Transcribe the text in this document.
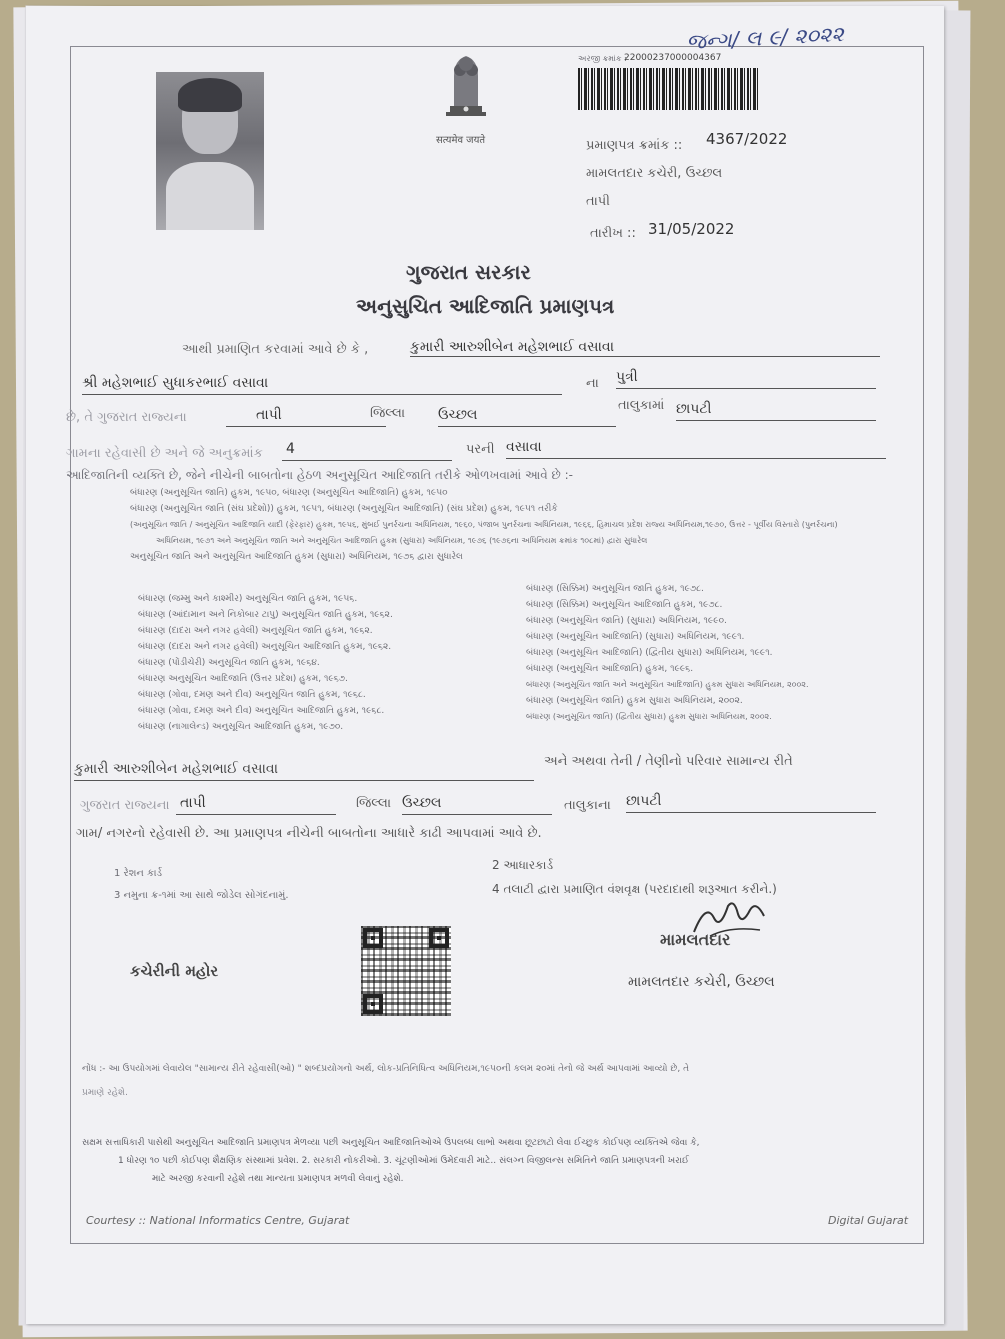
જન્ગ/ લ ૯/ ૨૦૨૨
सत्यमेव जयते
અરજી ક્રમાંક :
22000237000004367
પ્રમાણપત્ર ક્રમાંક :: 4367/2022
મામલતદાર કચેરી, ઉચ્છલ
તાપી
તારીખ :: 31/05/2022
ગુજરાત સરકાર
અનુસુચિત આદિજાતિ પ્રમાણપત્ર
આથી પ્રમાણિત કરવામાં આવે છે કે ,	કુમારી આરુશીબેન મહેશભાઈ વસાવા
શ્રી મહેશભાઈ સુધાકરભાઈ વસાવા	ના પુત્રી
છે, તે ગુજરાત રાજ્યના	તાપી	જિલ્લા ઉચ્છલ
તાલુકામાં છાપટી
ગામના રહેવાસી છે અને જે અનુક્રમાંક 4	પરની વસાવા
આદિજાતિની વ્યક્તિ છે, જેને નીચેની બાબતોના હેઠળ અનુસૂચિત આદિજાતિ તરીકે ઓળખવામાં આવે છે :-
બંધારણ (અનુસૂચિત જાતિ) હુકમ, ૧૯૫૦, બંધારણ (અનુસૂચિત આદિજાતિ) હુકમ, ૧૯૫૦
બંધારણ (અનુસૂચિત જાતિ (સંઘ પ્રદેશો)) હુકમ, ૧૯૫૧, બંધારણ (અનુસૂચિત આદિજાતિ) (સંઘ પ્રદેશ) હુકમ, ૧૯૫૧ તરીકે
(અનુસૂચિત જાતિ / અનુસૂચિત આદિજાતિ યાદી (ફેરફાર) હુકમ, ૧૯૫૬, મુંબઈ પુનર્રચના અધિનિયમ, ૧૯૬૦, પંજાબ પુનર્રચના અધિનિયમ, ૧૯૬૬, હિમાચલ પ્રદેશ રાજ્ય અધિનિયમ,૧૯૭૦, ઉત્તર - પૂર્વીય વિસ્તારો (પુનર્રચના)
અધિનિયમ, ૧૯૭૧ અને અનુસૂચિત જાતિ અને અનુસૂચિત આદિજાતિ હુકમ (સુધારા) અધિનિયમ, ૧૯૭૬ (૧૯૭૬ના અધિનિયમ ક્રમાંક ૧૦૮માં) દ્વારા સુધારેલ
અનુસૂચિત જાતિ અને અનુસૂચિત આદિજાતિ હુકમ (સુધારા) અધિનિયમ, ૧૯૭૬ દ્વારા સુધારેલ
બંધારણ (જમ્મુ અને કાશ્મીર) અનુસૂચિત જાતિ હુકમ, ૧૯૫૬.
બંધારણ (આંદામાન અને નિકોબાર ટાપુ) અનુસૂચિત જાતિ હુકમ, ૧૯૬૨.
બંધારણ (દાદરા અને નગર હવેલી) અનુસૂચિત જાતિ હુકમ, ૧૯૬૨.
બંધારણ (દાદરા અને નગર હવેલી) અનુસૂચિત આદિજાતિ હુકમ, ૧૯૬૨.
બંધારણ (પોંડીચેરી) અનુસૂચિત જાતિ હુકમ, ૧૯૬૪.
બંધારણ અનુસૂચિત આદિજાતિ (ઉત્તર પ્રદેશ) હુકમ, ૧૯૬૭.
બંધારણ (ગોવા, દમણ અને દીવ) અનુસૂચિત જાતિ હુકમ, ૧૯૬૮.
બંધારણ (ગોવા, દમણ અને દીવ) અનુસૂચિત આદિજાતિ હુકમ, ૧૯૬૮.
બંધારણ (નાગાલેન્ડ) અનુસૂચિત આદિજાતિ હુકમ, ૧૯૭૦.
બંધારણ (સિક્કિમ) અનુસૂચિત જાતિ હુકમ, ૧૯૭૮.
બંધારણ (સિક્કિમ) અનુસૂચિત આદિજાતિ હુકમ, ૧૯૭૮.
બંધારણ (અનુસૂચિત જાતિ) (સુધારા) અધિનિયમ, ૧૯૯૦.
બંધારણ (અનુસૂચિત આદિજાતિ) (સુધારા) અધિનિયમ, ૧૯૯૧.
બંધારણ (અનુસૂચિત આદિજાતિ) (દ્વિતીય સુધારા) અધિનિયમ, ૧૯૯૧.
બંધારણ (અનુસૂચિત આદિજાતિ) હુકમ, ૧૯૯૬.
બંધારણ (અનુસૂચિત જાતિ અને અનુસૂચિત આદિજાતિ) હુકમ સુધારા અધિનિયમ, ૨૦૦૨.
બંધારણ (અનુસૂચિત જાતિ) હુકમ સુધારા અધિનિયમ, ૨૦૦૨.
બંધારણ (અનુસૂચિત જાતિ) (દ્વિતીય સુધારા) હુકમ સુધારા અધિનિયમ, ૨૦૦૨.
કુમારી આરુશીબેન મહેશભાઈ વસાવા	અને અથવા તેની / તેણીનો પરિવાર સામાન્ય રીતે
ગુજરાત રાજ્યના તાપી	જિલ્લા ઉચ્છલ	તાલુકાના છાપટી
ગામ/ નગરનો રહેવાસી છે. આ પ્રમાણપત્ર નીચેની બાબતોના આધારે કાઢી આપવામાં આવે છે.
1 રેશન કાર્ડ
2 આધારકાર્ડ
3 નમુના ક્ર-૧માં આ સાથે જોડેલ સોગંદનામું.	4 તલાટી દ્વારા પ્રમાણિત વંશવૃક્ષ (પરદાદાથી શરૂઆત કરીને.)
મામલતદાર
મામલતદાર કચેરી, ઉચ્છલ
કચેરીની મહોર
નોંધ :- આ ઉપયોગમાં લેવાયેલ "સામાન્ય રીતે રહેવાસી(ઓ) " શબ્દપ્રયોગનો અર્થ, લોક-પ્રતિનિધિત્વ અધિનિયમ,૧૯૫૦ની કલમ ૨૦માં તેનો જે અર્થ આપવામાં આવ્યો છે, તે
પ્રમાણે રહેશે.
સક્ષમ સત્તાધિકારી પાસેથી અનુસૂચિત આદિજાતિ પ્રમાણપત્ર મેળવ્યા પછી અનુસૂચિત આદિજાતિઓએ ઉપલબ્ધ લાભો અથવા છૂટછાટો લેવા ઈચ્છુક કોઈપણ વ્યક્તિએ જેવા કે,
1 ધોરણ ૧૦ પછી કોઈપણ શૈક્ષણિક સંસ્થામાં પ્રવેશ. 2. સરકારી નોકરીઓ. 3. ચૂંટણીઓમાં ઉમેદવારી માટે.. સંલગ્ન વિજીલન્સ સમિતિને જાતિ પ્રમાણપત્રની ખરાઈ
માટે અરજી કરવાની રહેશે તથા માન્યતા પ્રમાણપત્ર મળવી લેવાનું રહેશે.
Courtesy :: National Informatics Centre, Gujarat	Digital Gujarat
